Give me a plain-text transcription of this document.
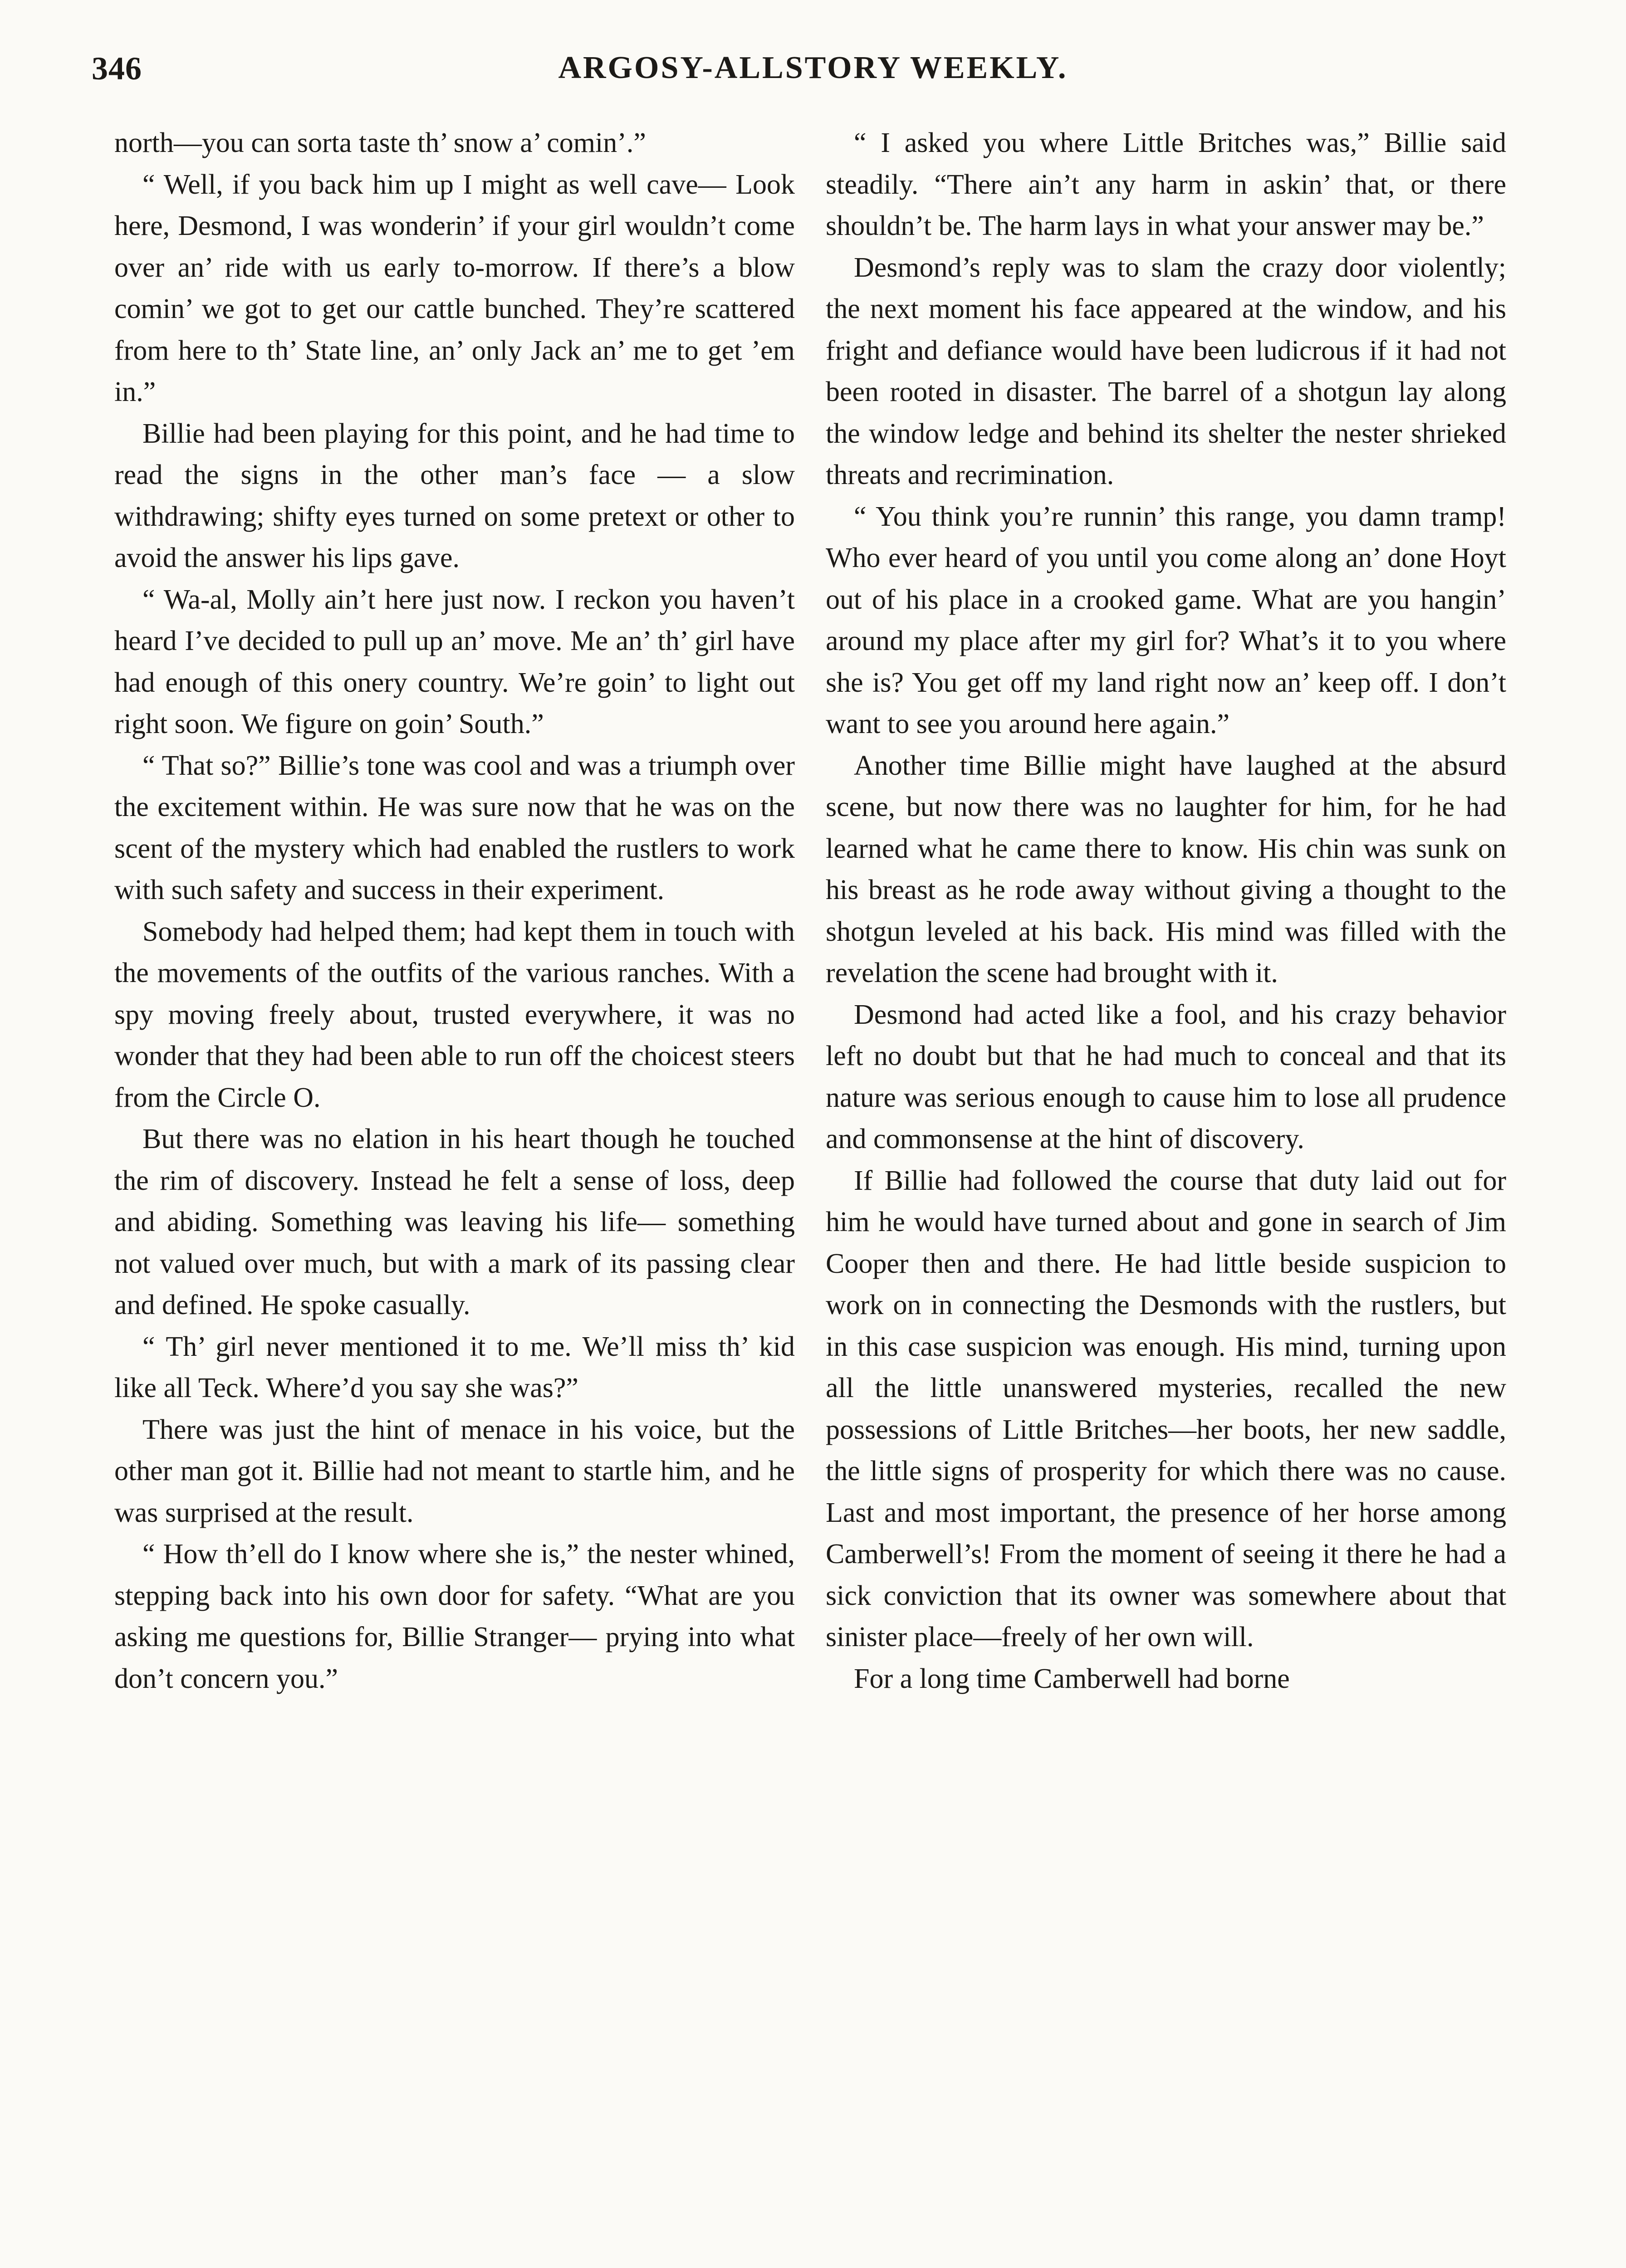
346	ARGOSY-ALLSTORY WEEKLY.

north—you can sorta taste th’ snow a’ comin’.”

“ Well, if you back him up I might as well cave— Look here, Desmond, I was wonderin’ if your girl wouldn’t come over an’ ride with us early to-morrow. If there’s a blow comin’ we got to get our cattle bunched. They’re scattered from here to th’ State line, an’ only Jack an’ me to get ’em in.”

Billie had been playing for this point, and he had time to read the signs in the other man’s face — a slow withdrawing; shifty eyes turned on some pretext or other to avoid the answer his lips gave.

“ Wa-al, Molly ain’t here just now. I reckon you haven’t heard I’ve decided to pull up an’ move. Me an’ th’ girl have had enough of this onery country. We’re goin’ to light out right soon. We figure on goin’ South.”

“ That so?” Billie’s tone was cool and was a triumph over the excitement within. He was sure now that he was on the scent of the mystery which had enabled the rustlers to work with such safety and success in their experiment.

Somebody had helped them; had kept them in touch with the movements of the outfits of the various ranches. With a spy moving freely about, trusted everywhere, it was no wonder that they had been able to run off the choicest steers from the Circle O.

But there was no elation in his heart though he touched the rim of discovery. Instead he felt a sense of loss, deep and abiding. Something was leaving his life— something not valued over much, but with a mark of its passing clear and defined. He spoke casually.

“ Th’ girl never mentioned it to me. We’ll miss th’ kid like all Teck. Where’d you say she was?”

There was just the hint of menace in his voice, but the other man got it. Billie had not meant to startle him, and he was surprised at the result.

“ How th’ell do I know where she is,” the nester whined, stepping back into his own door for safety. “What are you asking me questions for, Billie Stranger— prying into what don’t concern you.”

“ I asked you where Little Britches was,” Billie said steadily. “There ain’t any harm in askin’ that, or there shouldn’t be. The harm lays in what your answer may be.”

Desmond’s reply was to slam the crazy door violently; the next moment his face appeared at the window, and his fright and defiance would have been ludicrous if it had not been rooted in disaster. The barrel of a shotgun lay along the window ledge and behind its shelter the nester shrieked threats and recrimination.

“ You think you’re runnin’ this range, you damn tramp! Who ever heard of you until you come along an’ done Hoyt out of his place in a crooked game. What are you hangin’ around my place after my girl for? What’s it to you where she is? You get off my land right now an’ keep off. I don’t want to see you around here again.”

Another time Billie might have laughed at the absurd scene, but now there was no laughter for him, for he had learned what he came there to know. His chin was sunk on his breast as he rode away without giving a thought to the shotgun leveled at his back. His mind was filled with the revelation the scene had brought with it.

Desmond had acted like a fool, and his crazy behavior left no doubt but that he had much to conceal and that its nature was serious enough to cause him to lose all prudence and commonsense at the hint of discovery.

If Billie had followed the course that duty laid out for him he would have turned about and gone in search of Jim Cooper then and there. He had little beside suspicion to work on in connecting the Desmonds with the rustlers, but in this case suspicion was enough. His mind, turning upon all the little unanswered mysteries, recalled the new possessions of Little Britches—her boots, her new saddle, the little signs of prosperity for which there was no cause. Last and most important, the presence of her horse among Camberwell’s! From the moment of seeing it there he had a sick conviction that its owner was somewhere about that sinister place—freely of her own will.

For a long time Camberwell had borne
